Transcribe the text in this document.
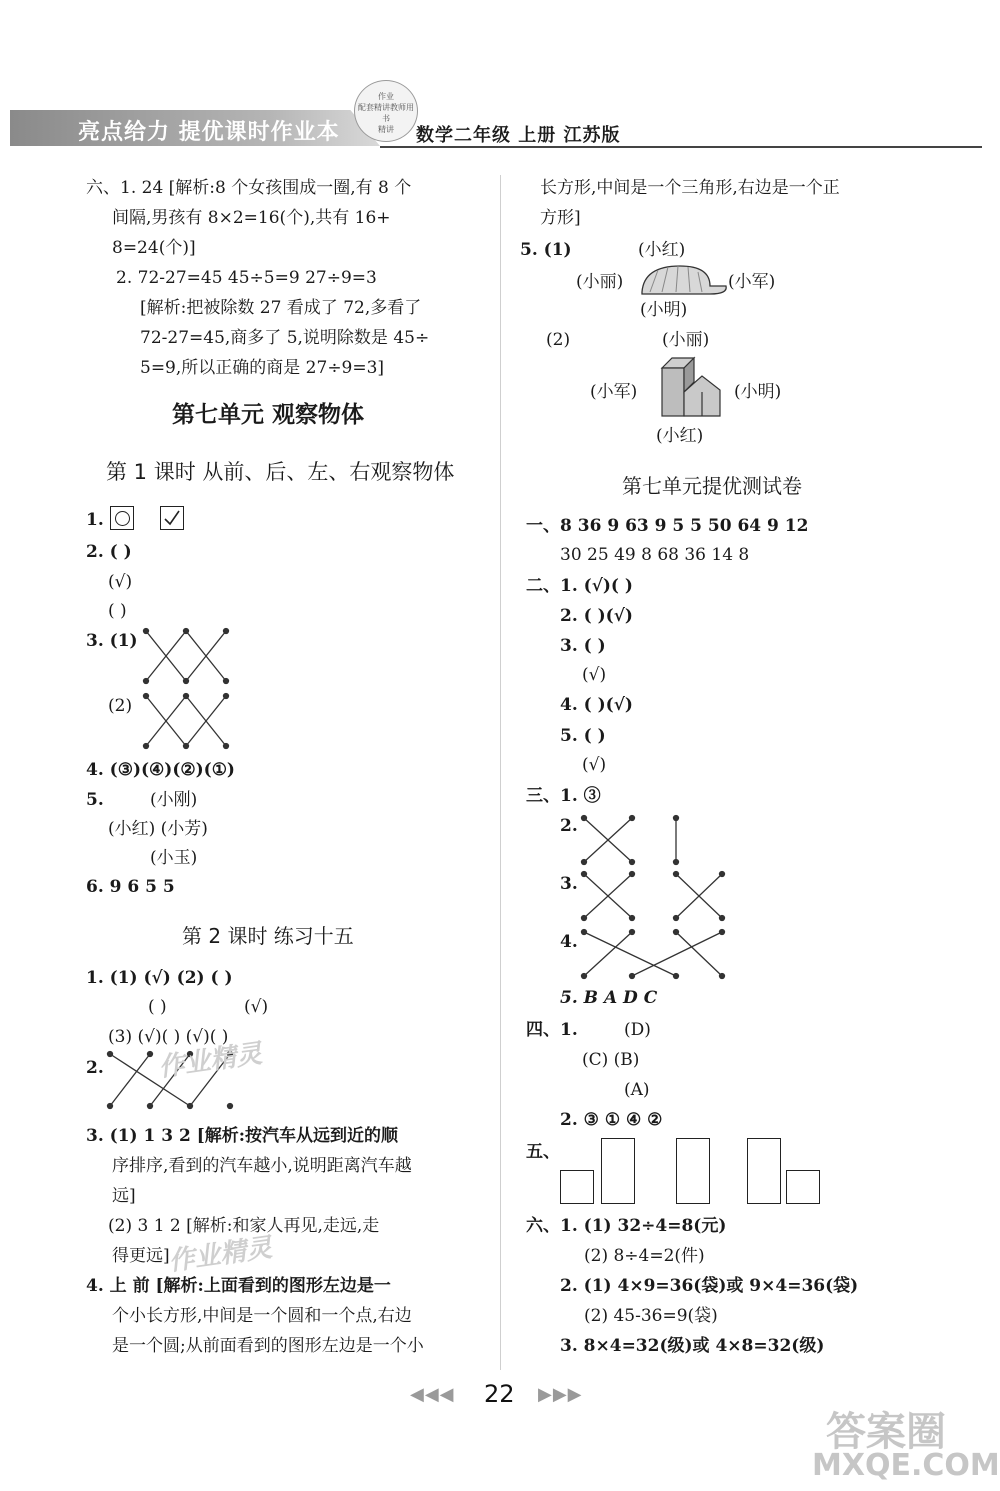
亮点给力 提优课时作业本
作业
配套精讲教师用书
精讲	数学二年级 上册 江苏版
六、1. 24 [解析:8 个女孩围成一圈,有 8 个
间隔,男孩有 8×2=16(个),共有 16+
8=24(个)]
2. 72-27=45 45÷5=9 27÷9=3
[解析:把被除数 27 看成了 72,多看了
72-27=45,商多了 5,说明除数是 45÷
5=9,所以正确的商是 27÷9=3]
第七单元 观察物体
第 1 课时 从前、后、左、右观察物体
1.
2. ( )
(√)
( )
3. (1)
(2)
4. (③)(④)(②)(①)
5.	(小刚)
(小红) (小芳)
(小玉)
6. 9 6 5 5
第 2 课时 练习十五
1. (1) (√) (2) ( )
( )	(√)
(3) (√)( ) (√)( )
2. 作业精灵
3. (1) 1 3 2 [解析:按汽车从远到近的顺
序排序,看到的汽车越小,说明距离汽车越
远]
(2) 3 1 2 [解析:和家人再见,走远,走
得更远]
作业精灵
4. 上 前 [解析:上面看到的图形左边是一
个小长方形,中间是一个圆和一个点,右边
是一个圆;从前面看到的图形左边是一个小
长方形,中间是一个三角形,右边是一个正
方形]
5. (1)	(小红)
(小丽)	(小军)
(小明)
(2)	(小丽)
(小军)	(小明)
(小红)
第七单元提优测试卷
一、8 36 9 63 9 5 5 50 64 9 12
30 25 49 8 68 36 14 8
二、1. (√)( )
2. ( )(√)
3. ( )
(√)
4. ( )(√)
5. ( )
(√)
三、1. ③
2.
3.
4.
5. B A D C
四、1.	(D)
(C) (B)
(A)
2. ③ ① ④ ②
五、
六、1. (1) 32÷4=8(元)
(2) 8÷4=2(件)
2. (1) 4×9=36(袋)或 9×4=36(袋)
(2) 45-36=9(袋)
3. 8×4=32(级)或 4×8=32(级)
◀◀◀ 22 ▶▶▶
答案圈
MXQE.COM
